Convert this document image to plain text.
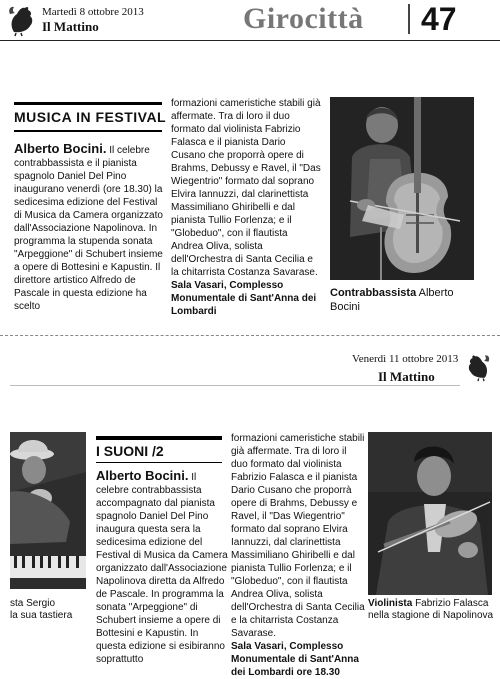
Martedì 8 ottobre 2013
Il Mattino	Girocittà 47
MUSICA IN FESTIVAL
Alberto Bocini. Il celebre contrabbassista e il pianista spagnolo Daniel Del Pino inaugurano venerdì (ore 18.30) la sedicesima edizione del Festival di Musica da Camera organizzato dall'Associazione Napolinova. In programma la stupenda sonata "Arpeggione" di Schubert insieme a opere di Bottesini e Kapustin. Il direttore artistico Alfredo de Pascale in questa edizione ha scelto
formazioni cameristiche stabili già affermate. Tra di loro il duo formato dal violinista Fabrizio Falasca e il pianista Dario Cusano che proporrà opere di Brahms, Debussy e Ravel, il "Das Wiegentrio" formato dal soprano Elvira Iannuzzi, dal clarinettista Massimiliano Ghiribelli e dal pianista Tullio Forlenza; e il "Globeduo", con il flautista Andrea Oliva, solista dell'Orchestra di Santa Cecilia e la chitarrista Costanza Savarase.
Sala Vasari, Complesso Monumentale di Sant'Anna dei Lombardi
Contrabbassista Alberto Bocini
Venerdì 11 ottobre 2013
Il Mattino
sta Sergio
la sua tastiera
I SUONI /2
Alberto Bocini. Il celebre contrabbassista accompagnato dal pianista spagnolo Daniel Del Pino inaugura questa sera la sedicesima edizione del Festival di Musica da Camera organizzato dall'Associazione Napolinova diretta da Alfredo de Pascale. In programma la sonata "Arpeggione" di Schubert insieme a opere di Bottesini e Kapustin. In questa edizione si esibiranno soprattutto
formazioni cameristiche stabili già affermate. Tra di loro il duo formato dal violinista Fabrizio Falasca e il pianista Dario Cusano che proporrà opere di Brahms, Debussy e Ravel, il "Das Wiegentrio" formato dal soprano Elvira Iannuzzi, dal clarinettista Massimiliano Ghiribelli e dal pianista Tullio Forlenza; e il "Globeduo", con il flautista Andrea Oliva, solista dell'Orchestra di Santa Cecilia e la chitarrista Costanza Savarase.
Sala Vasari, Complesso Monumentale di Sant'Anna dei Lombardi ore 18.30
Violinista Fabrizio Falasca nella stagione di Napolinova
